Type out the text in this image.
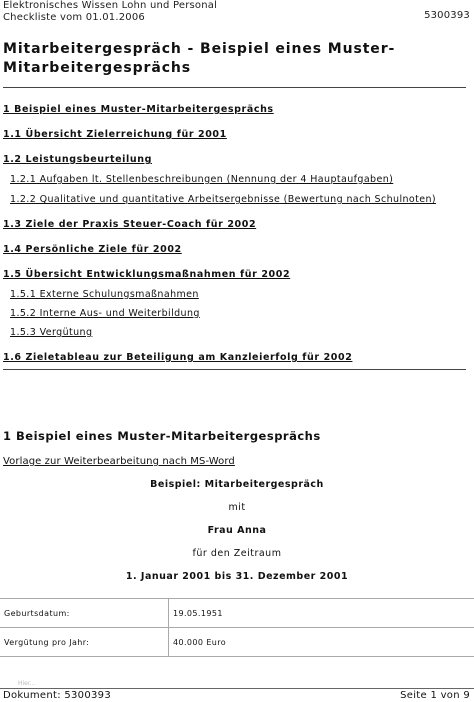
Elektronisches Wissen Lohn und Personal
Checkliste vom 01.01.2006	5300393
Mitarbeitergespräch - Beispiel eines Muster-
Mitarbeitergesprächs
1 Beispiel eines Muster-Mitarbeitergesprächs
1.1 Übersicht Zielerreichung für 2001
1.2 Leistungsbeurteilung
1.2.1 Aufgaben lt. Stellenbeschreibungen (Nennung der 4 Hauptaufgaben)
1.2.2 Qualitative und quantitative Arbeitsergebnisse (Bewertung nach Schulnoten)
1.3 Ziele der Praxis Steuer-Coach für 2002
1.4 Persönliche Ziele für 2002
1.5 Übersicht Entwicklungsmaßnahmen für 2002
1.5.1 Externe Schulungsmaßnahmen
1.5.2 Interne Aus- und Weiterbildung
1.5.3 Vergütung
1.6 Zieletableau zur Beteiligung am Kanzleierfolg für 2002
1 Beispiel eines Muster-Mitarbeitergesprächs
Vorlage zur Weiterbearbeitung nach MS-Word
Beispiel: Mitarbeitergespräch
mit
Frau Anna
für den Zeitraum
1. Januar 2001 bis 31. Dezember 2001
Geburtsdatum:	19.05.1951
Vergütung pro Jahr:	40.000 Euro
Hier...
Dokument: 5300393	Seite 1 von 9
